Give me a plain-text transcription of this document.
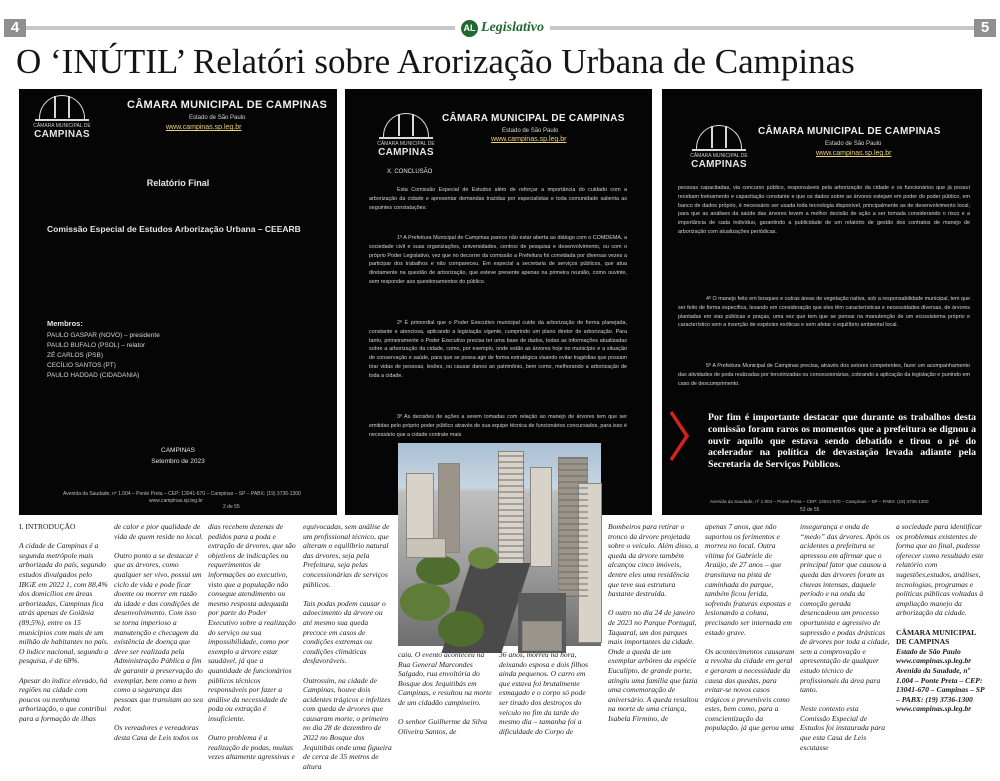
4	AL Legislativo	5
O ‘INÚTIL’ Relatóri sobre Arorização Urbana de Campinas
CÂMARA MUNICIPAL DE
CAMPINAS
CÂMARA MUNICIPAL DE CAMPINAS
Estado de São Paulo
www.campinas.sp.leg.br
Relatório Final
Comissão Especial de Estudos Arborização Urbana – CEEARB
Membros:
PAULO GASPAR (NOVO) – presidente
PAULO BUFALO (PSOL) – relator
ZÉ CARLOS (PSB)
CECÍLIO SANTOS (PT)
PAULO HADDAD (CIDADANIA)
CAMPINAS
Setembro de 2023
Avenida da Saudade, nº 1.004 – Ponte Preta – CEP: 13041-670 – Campinas – SP – PABX: (19) 3736-1300
www.campinas.sp.leg.br
2 de 55
CÂMARA MUNICIPAL DE
CAMPINAS
CÂMARA MUNICIPAL DE CAMPINAS
Estado de São Paulo
www.campinas.sp.leg.br
X. CONCLUSÃO
Esta Comissão Especial de Estudos além de reforçar a importância do cuidado com a arborização da cidade e apresentar demandas trazidas por especialistas e toda comunidade salienta as seguintes constatações:
1º A Prefeitura Municipal de Campinas parece não estar aberta ao diálogo com o COMDEMA, a sociedade civil e suas organizações, universidades, centros de pesquisa e desenvolvimento, ou com o próprio Poder Legislativo, vez que no decorrer da comissão a Prefeitura foi convidada por diversas vezes a participar dos trabalhos e não compareceu. Em especial a secretaria de serviços públicos, que atua diretamente na questão de arborização, que esteve presente apenas na primeira reunião, como ouvinte, sem responder aos questionamentos do público.
2º É primordial que o Poder Executivo municipal cuide da arborização de forma planejada, constante e atenciosa, aplicando a legislação vigente, cumprindo um plano diretor de arborização. Para tanto, primeiramente o Poder Executivo precisa ter uma base de dados, todas as informações atualizadas sobre a arborização da cidade, como, por exemplo, onde estão as árvores hoje no município e a situação de conservação e saúde, para que se possa agir de forma estratégica visando evitar tragédias que possam tirar vidas de pessoas, lesões, ou causar danos ao patrimônio, bem como, melhorando a arborização de toda a cidade.
3º As decisões de ações a serem tomadas com relação ao manejo de árvores tem que ser emitidas pelo próprio poder público através de sua equipe técnica de funcionários concursados, para isso é necessário que a cidade contrate mais
CÂMARA MUNICIPAL DE
CAMPINAS
CÂMARA MUNICIPAL DE CAMPINAS
Estado de São Paulo
www.campinas.sp.leg.br
pessoas capacitadas, via concurso público, responsáveis pela arborização da cidade e os funcionários que já possuí recebam treinamento e capacitação constante e que os dados sobre as árvores estejam em poder do poder público, em banco de dados próprio, é necessário ser usada toda tecnologia disponível, principalmente as de desenvolvimento local, para que as análises da saúde das árvores levem a melhor decisão de ação a ser tomada considerando o risco e a importância de cada indivíduo, garantindo a publicidade de um relatório de gestão dos contratos de manejo de arborização com atualizações periódicas.
4º O manejo feito em bosques e outras áreas de vegetação nativa, sob a responsabilidade municipal, tem que ser feito de forma específica, levando em consideração que eles têm características e necessidades diversas, de árvores plantadas em vias públicas e praças, uma vez que tem que se pensar na manutenção de um ecossistema próprio e característico sem a inserção de espécies exóticas e sem afetar o equilíbrio ambiental local.
5º A Prefeitura Municipal de Campinas precisa, através dos setores competentes, fazer um acompanhamento das atividades de poda realizadas por terceirizadas ou concessionárias, cobrando a aplicação da legislação e punindo em caso de descumprimento.
Avenida da Saudade, nº 1.004 – Ponte Preta – CEP: 13041-670 – Campinas – SP – PABX: (19) 3736-1300
53 de 55
Por fim é importante destacar que durante os trabalhos desta comissão foram raros os momentos que a prefeitura se dignou a ouvir aquilo que estava sendo debatido e tirou o pé do acelerador na política de devastação levada adiante pela Secretaria de Serviços Públicos.

I. INTRODUÇÃO

A cidade de Campinas é a segunda metrópole mais arborizada do país, segundo estudos divulgados pelo IBGE em 2022 1, com 88,4% dos domicílios em áreas arborizadas, Campinas fica atrás apenas de Goiânia (89,5%), entre os 15 municípios com mais de um milhão de habitantes no país. O índice nacional, segundo a pesquisa, é de 68%.

Apesar do índice elevado, há regiões na cidade com poucos ou nenhuma arborização, o que contribui para a formação de ilhas

de calor e pior qualidade de vida de quem reside no local.

Outro ponto a se destacar é que as árvores, como qualquer ser vivo, possui um ciclo de vida e pode ficar doente ou morrer em razão da idade e das condições de desenvolvimento. Com isso se torna imperioso a manutenção e checagem da existência de doença que deve ser realizada pela Administração Pública a fim de garantir a preservação do exemplar, bem como a bem como a segurança das pessoas que transitam ao seu redor.

Os vereadores e vereadoras desta Casa de Leis todos os

dias recebem dezenas de pedidos para a poda e extração de árvores, que são objetivos de indicações ou requerimentos de informações ao executivo, visto que a população não consegue atendimento ou mesmo resposta adequada por parte do Poder Executivo sobre a realização do serviço ou sua impossibilidade, como por exemplo a árvore estar saudável, já que a quantidade de funcionários públicos técnicos responsáveis por fazer a análise da necessidade de poda ou extração é insuficiente.

Outro problema é a realização de podas, muitas vezes altamente agressivas e

equivocadas, sem análise de um profissional técnico, que alteram o equilíbrio natural das árvores, seja pela Prefeitura, seja pelas concessionárias de serviços públicos.

Tais podas podem causar o adoecimento da árvore ou até mesmo sua queda precoce em casos de condições extremas ou condições climáticas desfavoráveis.

Outrossim, na cidade de Campinas, houve dois acidentes trágicos e infelizes com queda de árvores que causaram morte, o primeiro no dia 28 de dezembro de 2022 no Bosque dos Jequitibás onde uma figueira de cerca de 35 metros de altura

caiu. O evento aconteceu na Rua General Marcondes Salgado, rua envoltória do Bosque dos Jequitibás em Campinas, e resultou na morte de um cidadão campineiro.

O senhor Guilherme da Silva Oliveira Santos, de

36 anos, morreu na hora, deixando esposa e dois filhos ainda pequenos. O carro em que estava foi brutalmente esmagado e o corpo só pode ser tirado dos destroços do veículo no fim da tarde do mesmo dia – tamanha foi a dificuldade do Corpo de

Bombeiros para retirar o tronco da árvore projetada sobre o veículo. Além disso, a queda da árvore também alcançou cinco imóveis, dentre eles uma residência que teve sua estrutura bastante destruída.

O outro no dia 24 de janeiro de 2023 no Parque Portugal, Taquaral, um dos parques mais importantes da cidade. Onde a queda de um exemplar arbóreo da espécie Eucalipto, de grande porte, atingiu uma família que fazia uma comemoração de aniversário. A queda resultou na morte de uma criança, Isabela Firmino, de

apenas 7 anos, que não suportou os ferimentos e morreu no local. Outra vítima foi Gabriele de Araújo, de 27 anos – que transitava na pista de caminhada do parque, também ficou ferida, sofrendo fraturas expostas e lesionando a coluna, precisando ser internada em estado grave.

Os acontecimentos causaram a revolta da cidade em geral e geraram a necessidade da causa das quedas, para evitar-se novos casos trágicos e preveníveis como estes, bem como, para a conscientização da população, já que gerou uma

insegurança e onda de “medo” das árvores. Após os acidentes a prefeitura se apressou em afirmar que o principal fator que causou a queda das árvores foram as chuvas intensas, daquele período e na onda da comoção gerada desencadeou um processo oportunista e agressivo de supressão e podas drásticas de árvores por toda a cidade, sem a comprovação e apresentação de qualquer estudo técnico de profissionais da área para tanto.

Neste contexto esta Comissão Especial de Estudos foi instaurada para que esta Casa de Leis escutasse

a sociedade para identificar os problemas existentes de forma que ao final, pudesse oferecer como resultado este relatório com sugestões,estudos, análises, tecnologias, programas e políticas públicas voltadas à ampliação manejo da arborização da cidade.

CÂMARA MUNICIPAL DE CAMPINAS
Estado de São Paulo
www.campinas.sp.leg.br
Avenida da Saudade, nº 1.004 – Ponte Preta – CEP: 13041-670 – Campinas – SP – PABX: (19) 3736-1300
www.campinas.sp.leg.br
